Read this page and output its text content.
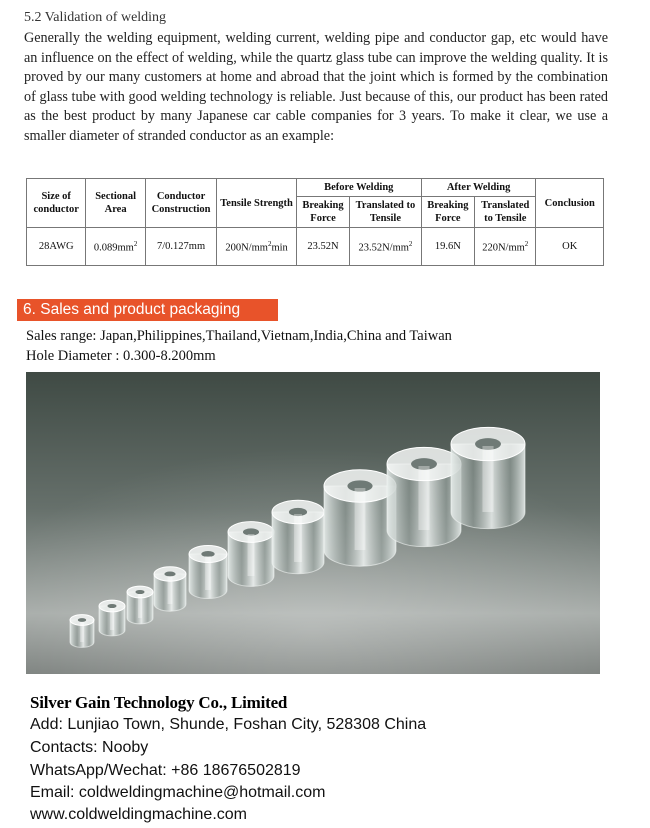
5.2 Validation of welding
Generally the welding equipment, welding current, welding pipe and conductor gap, etc would have an influence on the effect of welding, while the quartz glass tube can improve the welding quality. It is proved by our many customers at home and abroad that the joint which is formed by the combination of glass tube with good welding technology is reliable. Just because of this, our product has been rated as the best product by many Japanese car cable companies for 3 years. To make it clear, we use a smaller diameter of stranded conductor as an example:
Size of conductor	Sectional Area	Conductor Construction	Tensile Strength	Before Welding		After Welding		Conclusion
				Breaking Force	Translated to Tensile	Breaking Force	Translated to Tensile	
28AWG	$0.089mm^2$	7/0.127mm	$200N/mm^2\min$	23.52N	$23.52N/mm^2$	19.6N	$220N/mm^2$	OK
6. Sales and product packaging
Sales range: Japan,Philippines,Thailand,Vietnam,India,China and Taiwan
Hole Diameter : 0.300-8.200mm
Silver Gain Technology Co., Limited
Add: Lunjiao Town, Shunde, Foshan City, 528308 China
Contacts: Nooby
WhatsApp/Wechat: +86 18676502819
Email: coldweldingmachine@hotmail.com
www.coldweldingmachine.com
